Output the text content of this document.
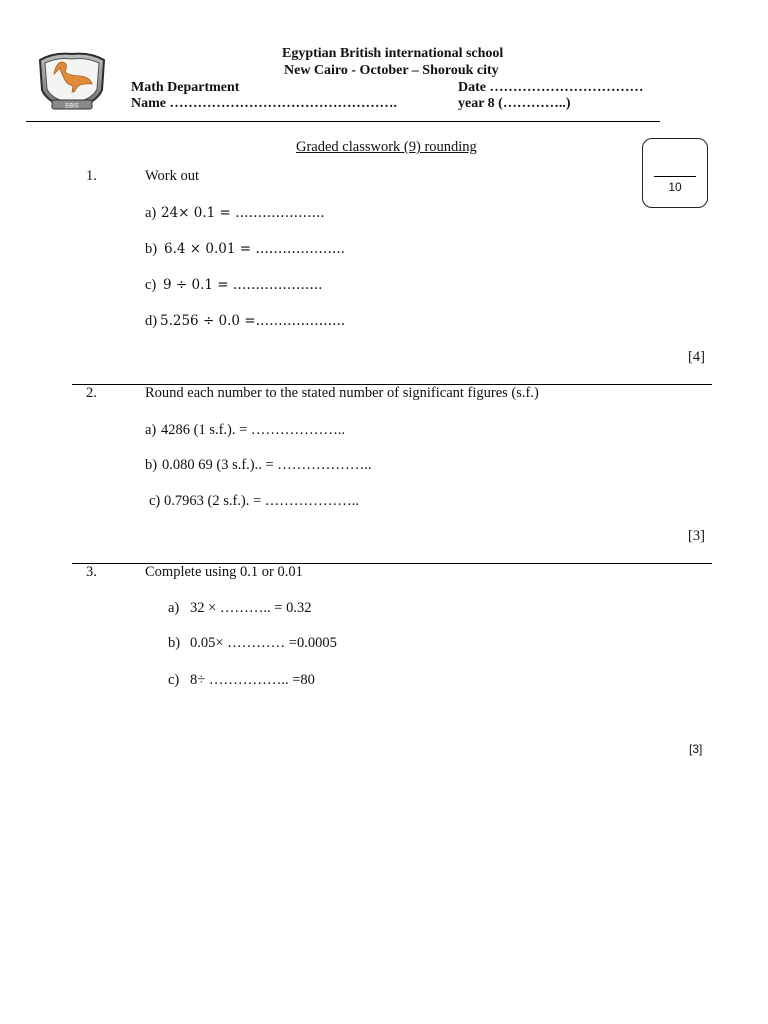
EBIS
Egyptian British international school
New Cairo - October – Shorouk city
Math Department
Name ………………………………………….
Date ……………………………
year 8 (…………..)
Graded classwork (9) rounding
10
1.	Work out
a) 24× 0.1 = ………………..
b) 6.4 × 0.01 = ………………..
c) 9 ÷ 0.1 = ………………..
d) 5.256 ÷ 0.0 =………………..
[4]
2.	Round each number to the stated number of significant figures (s.f.)
a) 4286 (1 s.f.). = ………………..
b) 0.080 69 (3 s.f.).. = ………………..
c) 0.7963 (2 s.f.). = ………………..
[3]
3.	Complete using 0.1 or 0.01
a) 32 × ……….. = 0.32
b) 0.05× ………… =0.0005
c) 8÷ …………….. =80
[3]
